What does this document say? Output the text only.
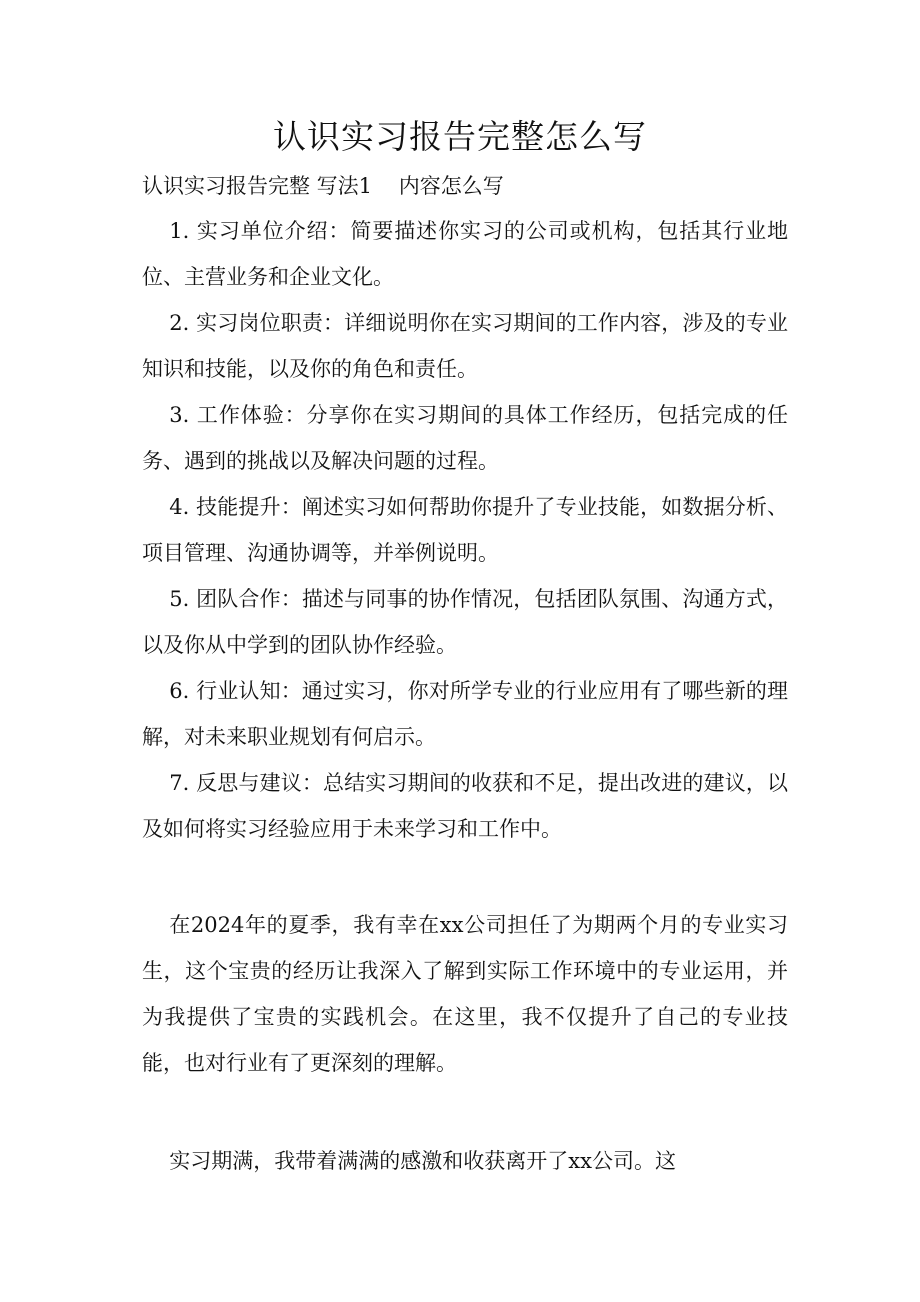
认识实习报告完整怎么写
认识实习报告完整 写法1    内容怎么写
1. 实习单位介绍：简要描述你实习的公司或机构，包括其行业地位、主营业务和企业文化。
2. 实习岗位职责：详细说明你在实习期间的工作内容，涉及的专业知识和技能，以及你的角色和责任。
3. 工作体验：分享你在实习期间的具体工作经历，包括完成的任务、遇到的挑战以及解决问题的过程。
4. 技能提升：阐述实习如何帮助你提升了专业技能，如数据分析、项目管理、沟通协调等，并举例说明。
5. 团队合作：描述与同事的协作情况，包括团队氛围、沟通方式，以及你从中学到的团队协作经验。
6. 行业认知：通过实习，你对所学专业的行业应用有了哪些新的理解，对未来职业规划有何启示。
7. 反思与建议：总结实习期间的收获和不足，提出改进的建议，以及如何将实习经验应用于未来学习和工作中。
在2024年的夏季，我有幸在xx公司担任了为期两个月的专业实习生，这个宝贵的经历让我深入了解到实际工作环境中的专业运用，并为我提供了宝贵的实践机会。在这里，我不仅提升了自己的专业技能，也对行业有了更深刻的理解。
实习期满，我带着满满的感激和收获离开了xx公司。这
